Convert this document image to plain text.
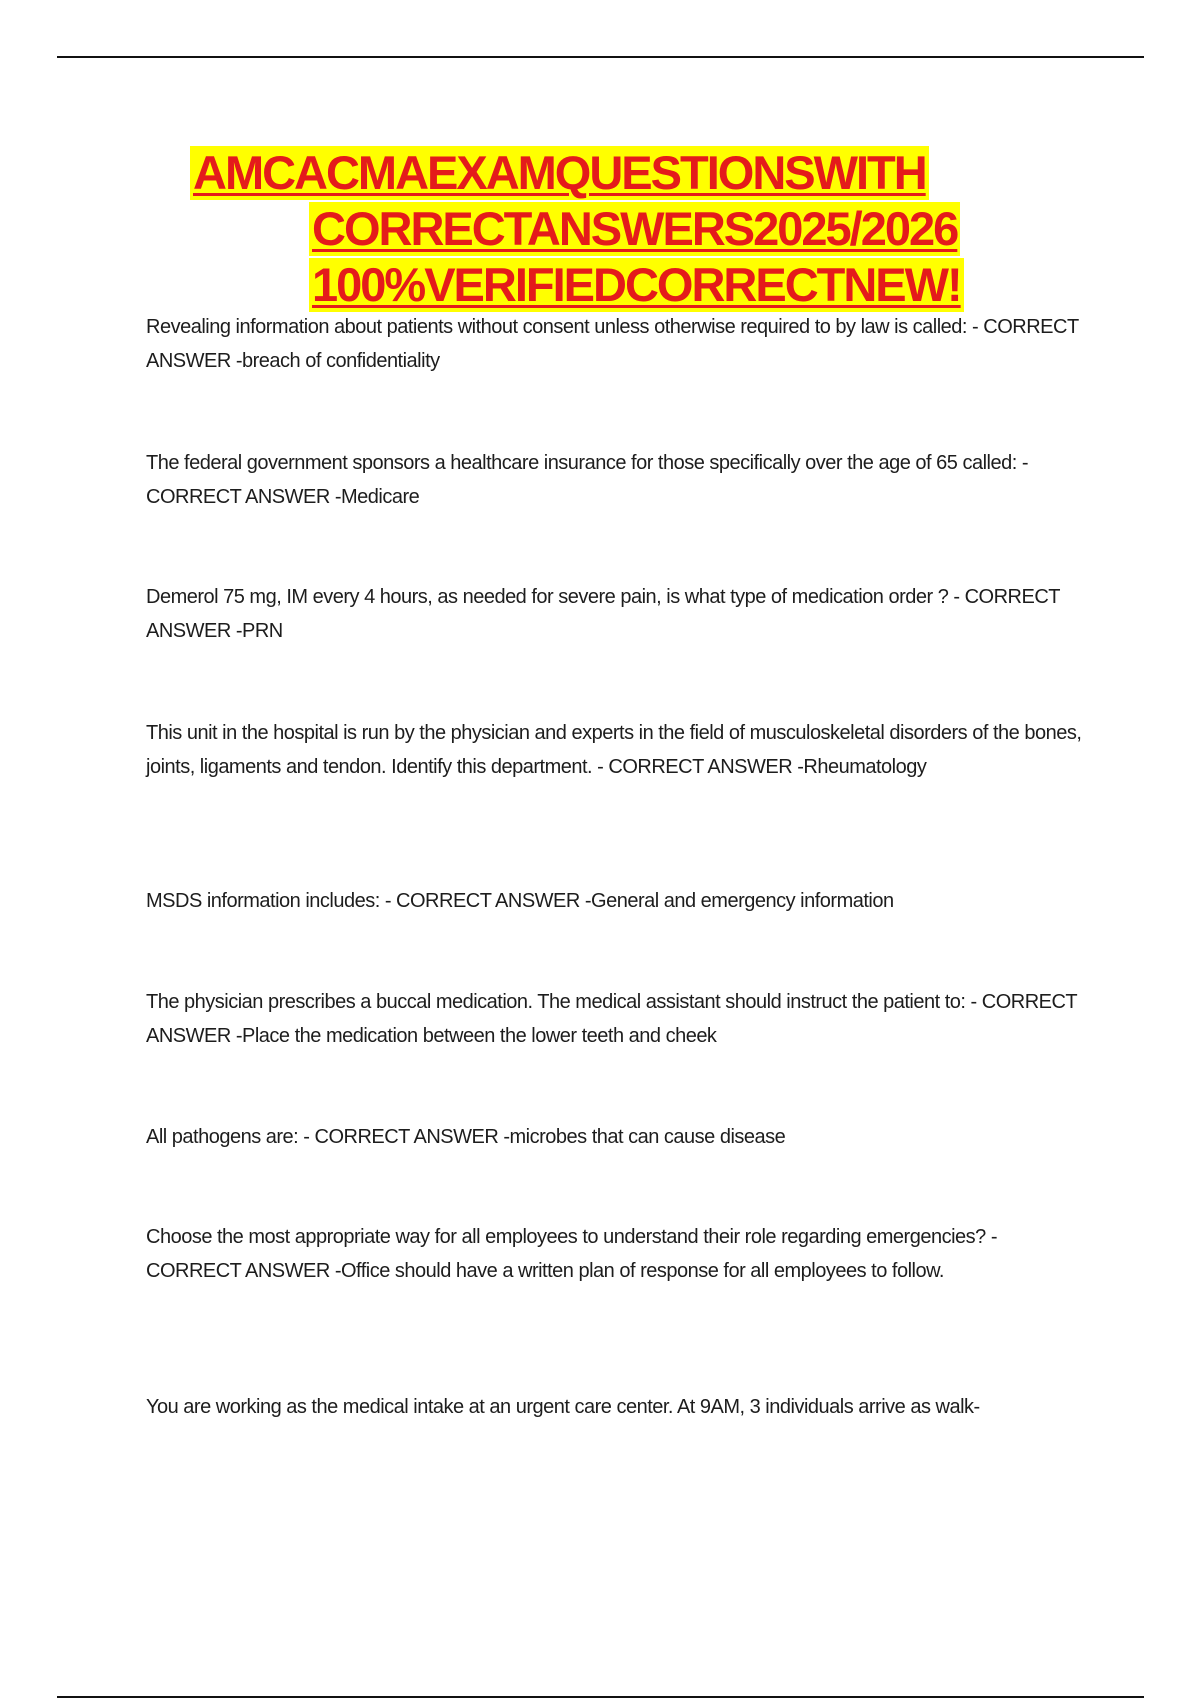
AMCACMAEXAMQUESTIONSWITH
CORRECTANSWERS2025/2026
100%VERIFIEDCORRECTNEW!
Revealing information about patients without consent unless otherwise required to by law is called: - CORRECT ANSWER -breach of confidentiality
The federal government sponsors a healthcare insurance for those specifically over the age of 65 called: - CORRECT ANSWER -Medicare
Demerol 75 mg, IM every 4 hours, as needed for severe pain, is what type of medication order ? - CORRECT ANSWER -PRN
This unit in the hospital is run by the physician and experts in the field of musculoskeletal disorders of the bones, joints, ligaments and tendon. Identify this department. - CORRECT ANSWER -Rheumatology
MSDS information includes: - CORRECT ANSWER -General and emergency information
The physician prescribes a buccal medication. The medical assistant should instruct the patient to: - CORRECT ANSWER -Place the medication between the lower teeth and cheek
All pathogens are: - CORRECT ANSWER -microbes that can cause disease
Choose the most appropriate way for all employees to understand their role regarding emergencies? - CORRECT ANSWER -Office should have a written plan of response for all employees to follow.
You are working as the medical intake at an urgent care center. At 9AM, 3 individuals arrive as walk-
